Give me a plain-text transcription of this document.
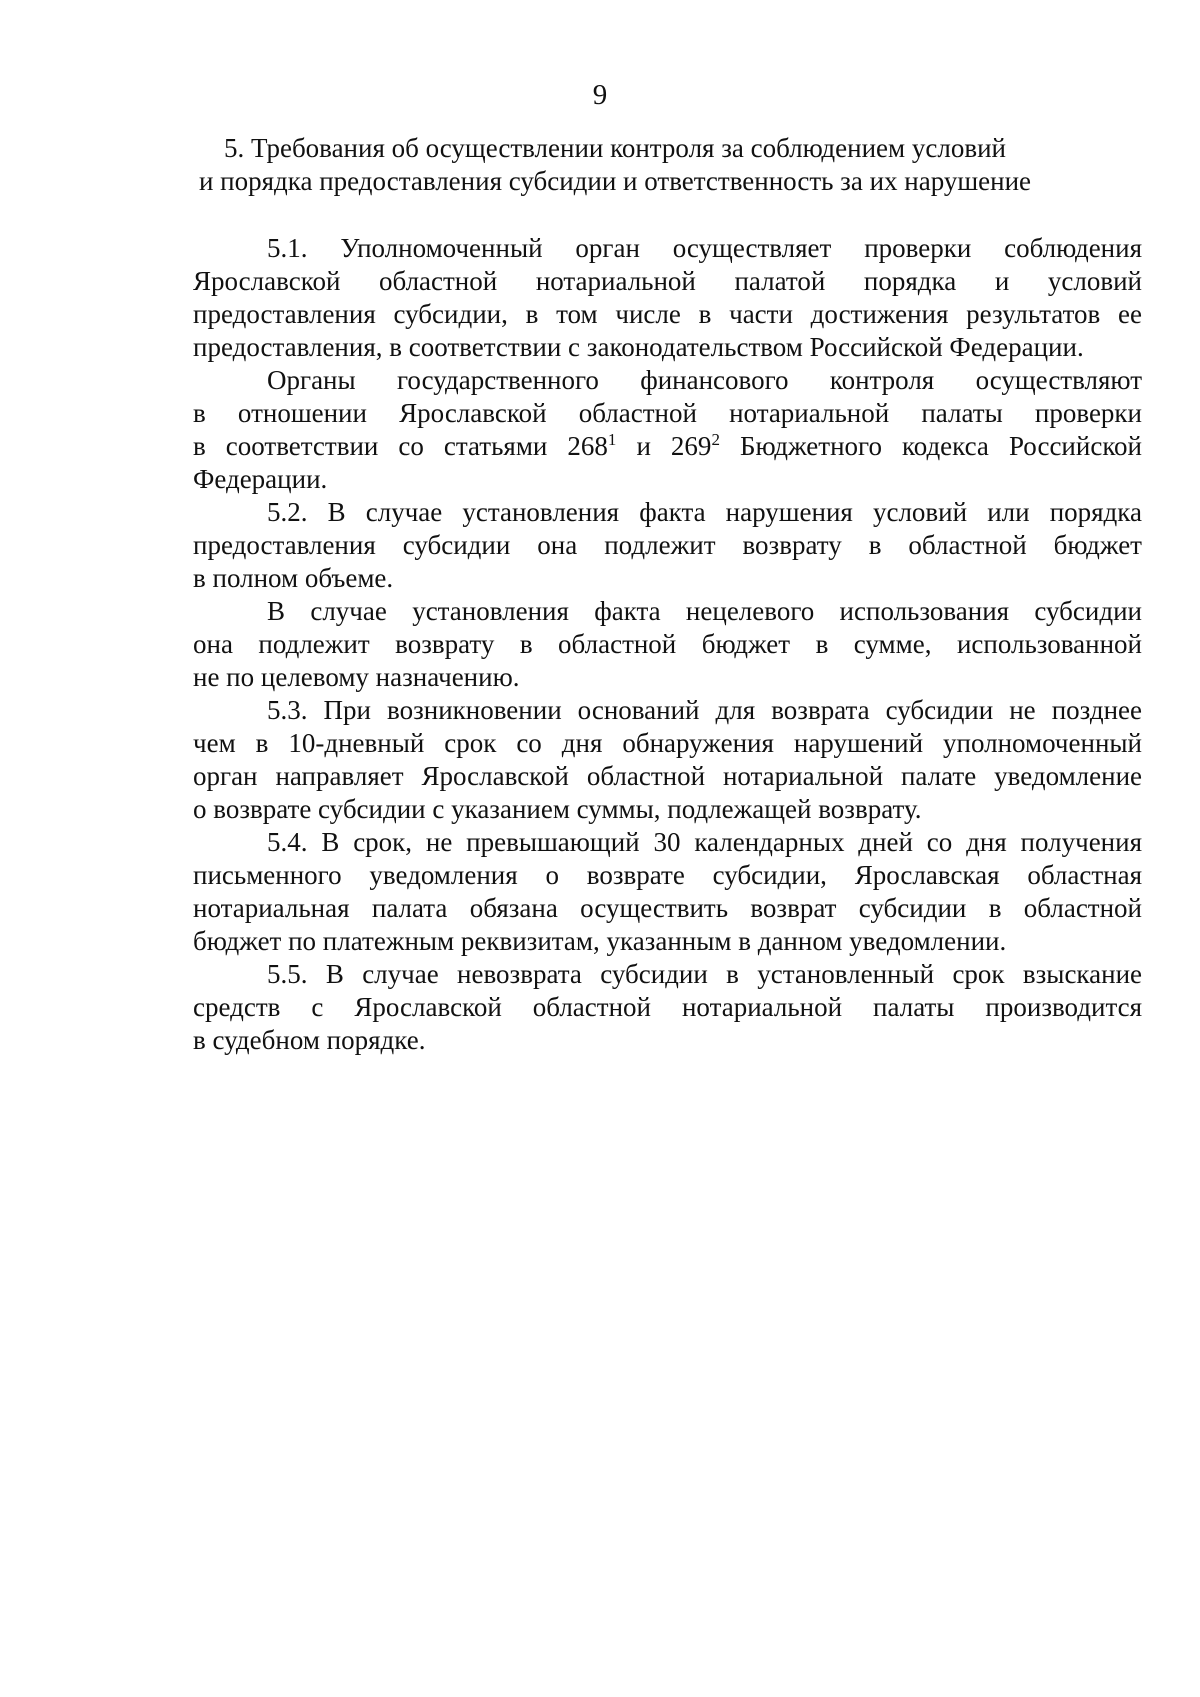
9
5. Требования об осуществлении контроля за соблюдением условий
и порядка предоставления субсидии и ответственность за их нарушение

5.1. Уполномоченный орган осуществляет проверки соблюдения
Ярославской областной нотариальной палатой порядка и условий
предоставления субсидии, в том числе в части достижения результатов ее
предоставления, в соответствии с законодательством Российской Федерации.

Органы государственного финансового контроля осуществляют
в отношении Ярославской областной нотариальной палаты проверки
в соответствии со статьями $268^1$ и $269^2$ Бюджетного кодекса Российской
Федерации.

5.2. В случае установления факта нарушения условий или порядка
предоставления субсидии она подлежит возврату в областной бюджет
в полном объеме.

В случае установления факта нецелевого использования субсидии
она подлежит возврату в областной бюджет в сумме, использованной
не по целевому назначению.

5.3. При возникновении оснований для возврата субсидии не позднее
чем в 10-дневный срок со дня обнаружения нарушений уполномоченный
орган направляет Ярославской областной нотариальной палате уведомление
о возврате субсидии с указанием суммы, подлежащей возврату.

5.4. В срок, не превышающий 30 календарных дней со дня получения
письменного уведомления о возврате субсидии, Ярославская областная
нотариальная палата обязана осуществить возврат субсидии в областной
бюджет по платежным реквизитам, указанным в данном уведомлении.

5.5. В случае невозврата субсидии в установленный срок взыскание
средств с Ярославской областной нотариальной палаты производится
в судебном порядке.
